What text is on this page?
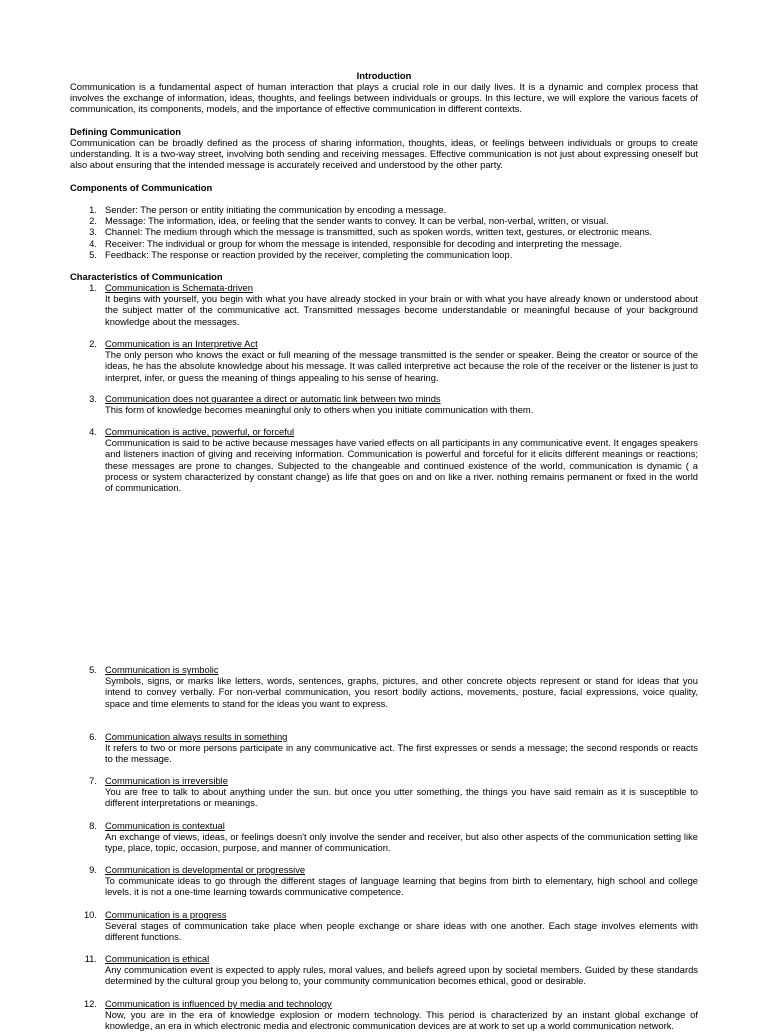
Introduction
Communication is a fundamental aspect of human interaction that plays a crucial role in our daily lives. It is a dynamic and complex process that involves the exchange of information, ideas, thoughts, and feelings between individuals or groups. In this lecture, we will explore the various facets of communication, its components, models, and the importance of effective communication in different contexts.
Defining Communication
Communication can be broadly defined as the process of sharing information, thoughts, ideas, or feelings between individuals or groups to create understanding. It is a two-way street, involving both sending and receiving messages. Effective communication is not just about expressing oneself but also about ensuring that the intended message is accurately received and understood by the other party.
Components of Communication
1. Sender: The person or entity initiating the communication by encoding a message.
2. Message: The information, idea, or feeling that the sender wants to convey. It can be verbal, non-verbal, written, or visual.
3. Channel: The medium through which the message is transmitted, such as spoken words, written text, gestures, or electronic means.
4. Receiver: The individual or group for whom the message is intended, responsible for decoding and interpreting the message.
5. Feedback: The response or reaction provided by the receiver, completing the communication loop.
Characteristics of Communication
1. Communication is Schemata-driven
It begins with yourself, you begin with what you have already stocked in your brain or with what you have already known or understood about the subject matter of the communicative act. Transmitted messages become understandable or meaningful because of your background knowledge about the messages.
2. Communication is an Interpretive Act
The only person who knows the exact or full meaning of the message transmitted is the sender or speaker. Being the creator or source of the ideas, he has the absolute knowledge about his message. It was called interpretive act because the role of the receiver or the listener is just to interpret, infer, or guess the meaning of things appealing to his sense of hearing.
3. Communication does not guarantee a direct or automatic link between two minds
This form of knowledge becomes meaningful only to others when you initiate communication with them.
4. Communication is active, powerful, or forceful
Communication is said to be active because messages have varied effects on all participants in any communicative event. It engages speakers and listeners inaction of giving and receiving information. Communication is powerful and forceful for it elicits different meanings or reactions; these messages are prone to changes. Subjected to the changeable and continued existence of the world, communication is dynamic ( a process or system characterized by constant change) as life that goes on and on like a river. nothing remains permanent or fixed in the world of communication.
5. Communication is symbolic
Symbols, signs, or marks like letters, words, sentences, graphs, pictures, and other concrete objects represent or stand for ideas that you intend to convey verbally. For non-verbal communication, you resort bodily actions, movements, posture, facial expressions, voice quality, space and time elements to stand for the ideas you want to express.
6. Communication always results in something
It refers to two or more persons participate in any communicative act. The first expresses or sends a message; the second responds or reacts to the message.
7. Communication is irreversible
You are free to talk to about anything under the sun. but once you utter something, the things you have said remain as it is susceptible to different interpretations or meanings.
8. Communication is contextual
An exchange of views, ideas, or feelings doesn't only involve the sender and receiver, but also other aspects of the communication setting like type, place, topic, occasion, purpose, and manner of communication.
9. Communication is developmental or progressive
To communicate ideas to go through the different stages of language learning that begins from birth to elementary, high school and college levels. it is not a one-time learning towards communicative competence.
10. Communication is a progress
Several stages of communication take place when people exchange or share ideas with one another. Each stage involves elements with different functions.
11. Communication is ethical
Any communication event is expected to apply rules, moral values, and beliefs agreed upon by societal members. Guided by these standards determined by the cultural group you belong to, your community communication becomes ethical, good or desirable.
12. Communication is influenced by media and technology
Now, you are in the era of knowledge explosion or modern technology. This period is characterized by an instant global exchange of knowledge, an era in which electronic media and electronic communication devices are at work to set up a world communication network.
